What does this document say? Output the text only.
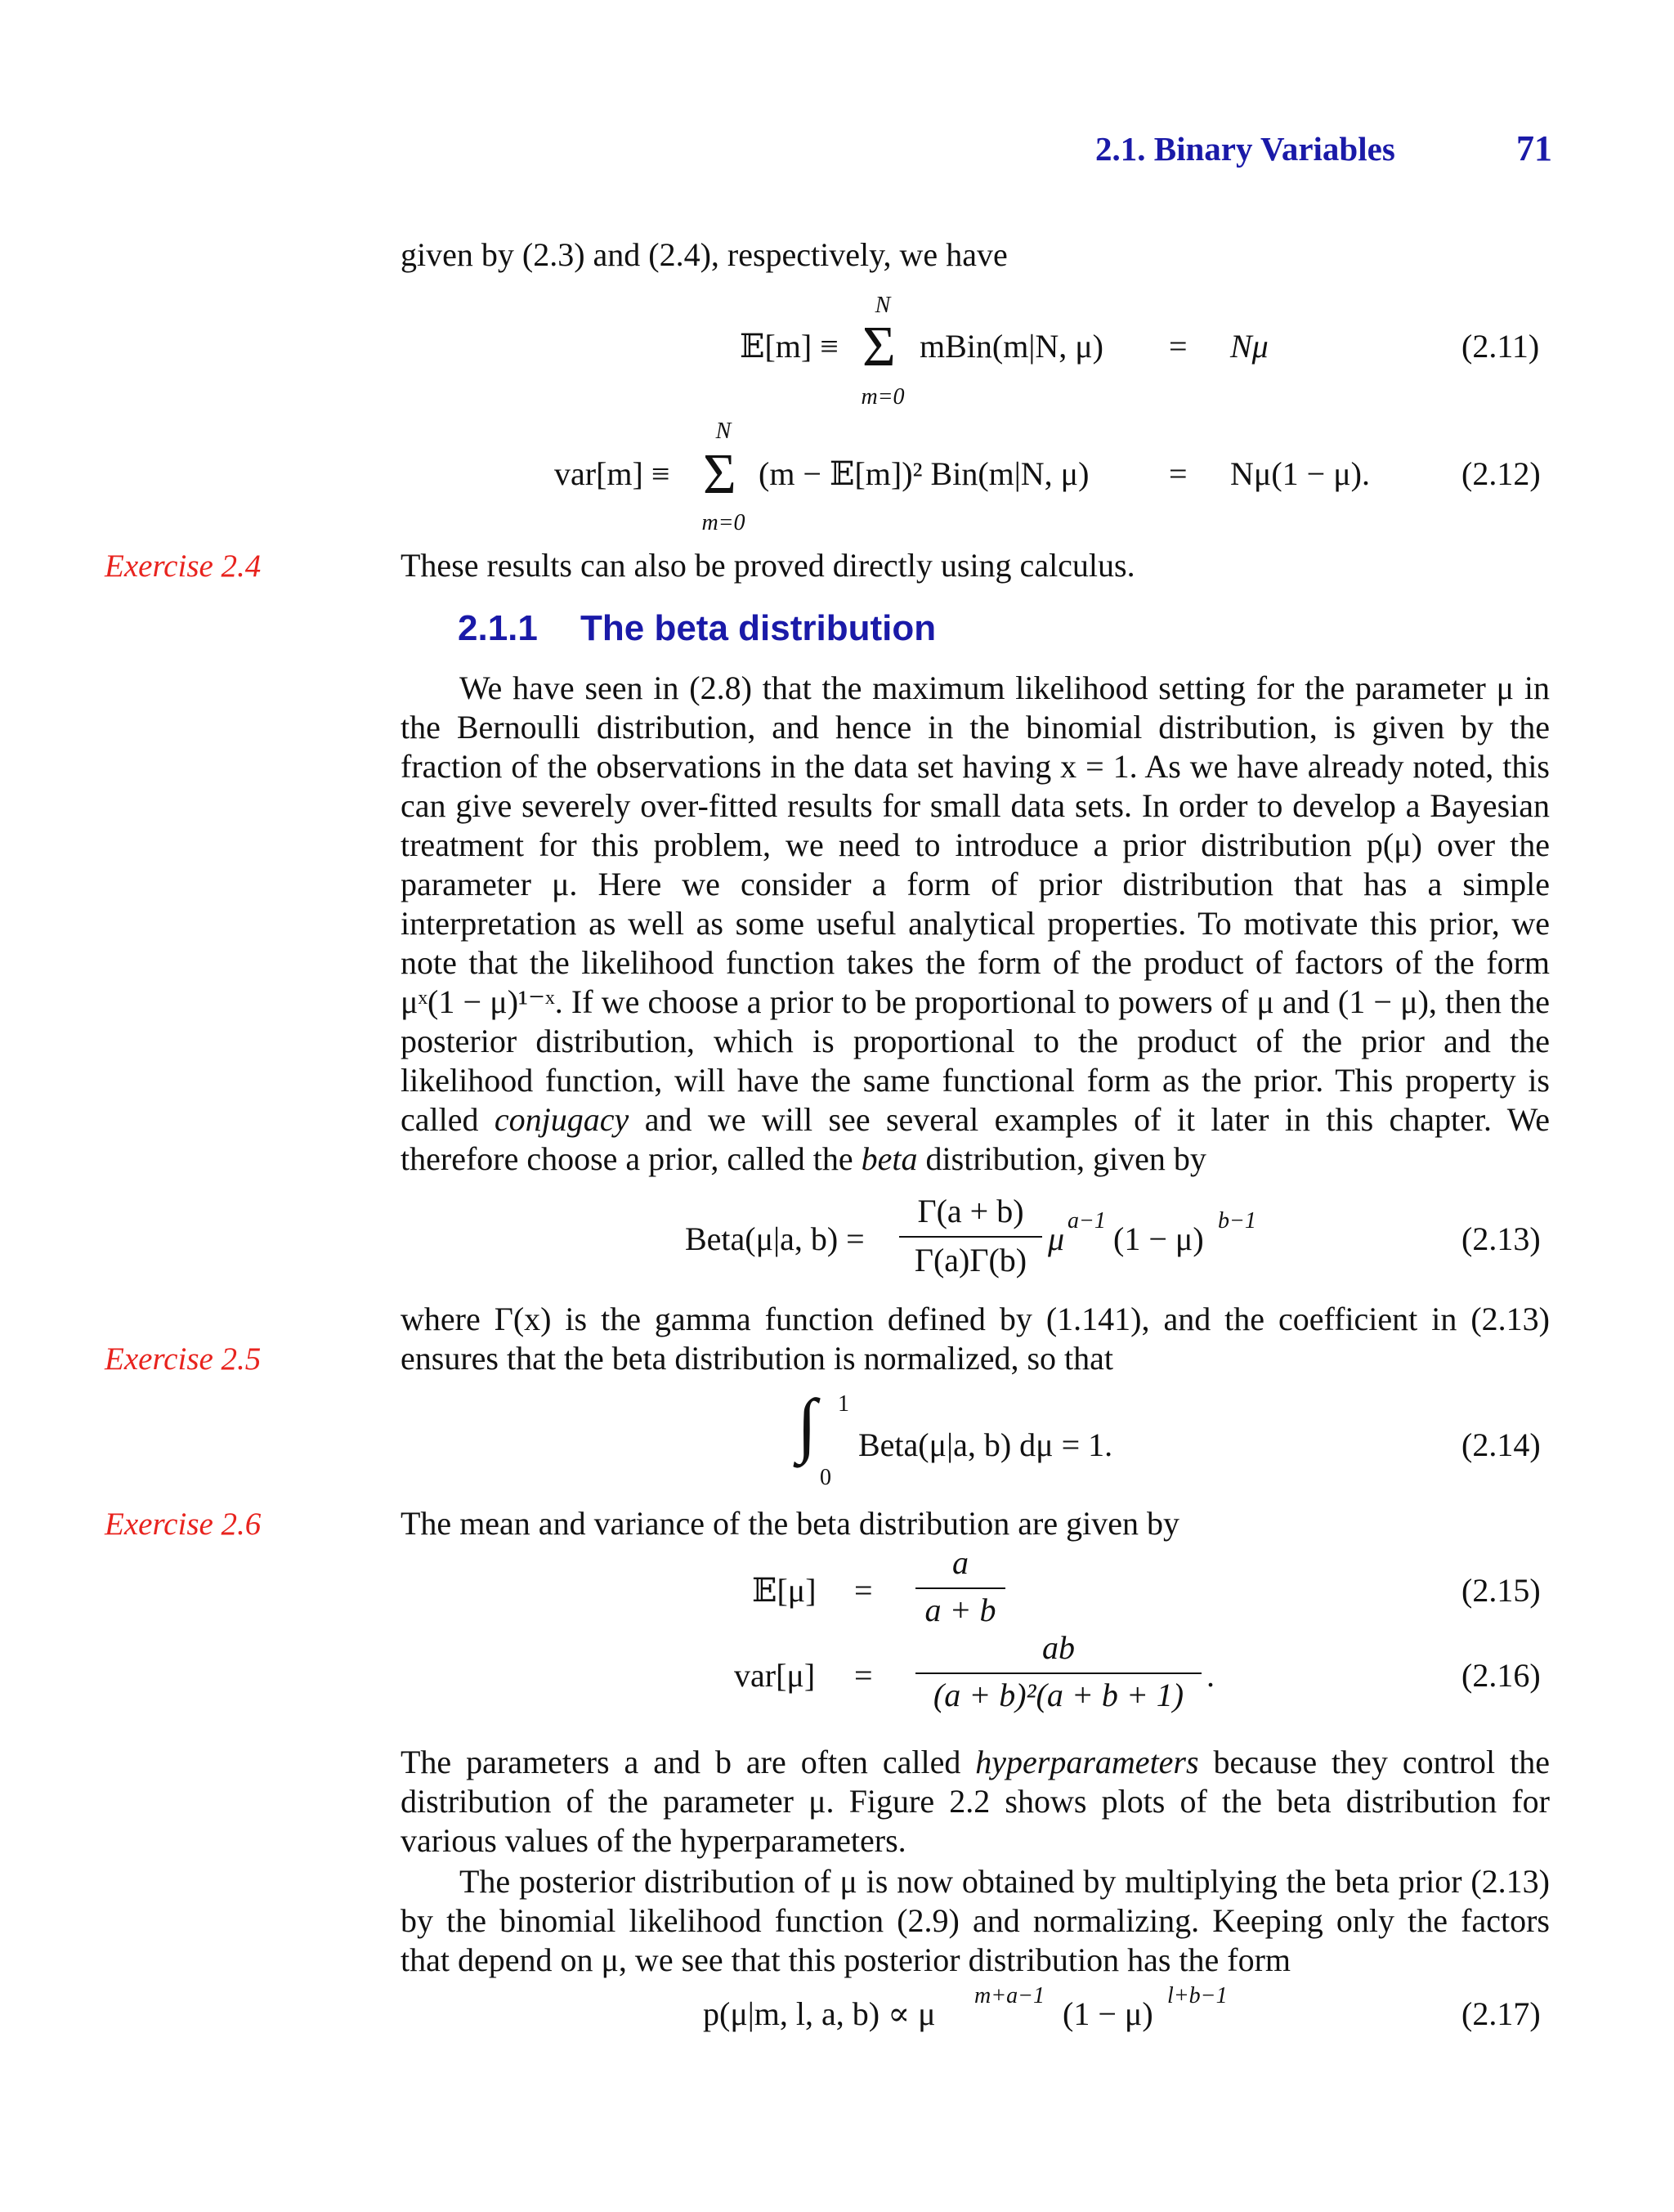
2.1. Binary Variables	71

given by (2.3) and (2.4), respectively, we have

𝔼[m] ≡
N
Σ
m=0
mBin(m|N, μ) = Nμ	(2.11)
var[m] ≡
N
Σ
m=0
(m − 𝔼[m])² Bin(m|N, μ) = Nμ(1 − μ).	(2.12)
Exercise 2.4	These results can also be proved directly using calculus.

2.1.1 The beta distribution

We have seen in (2.8) that the maximum likelihood setting for the parameter μ in the Bernoulli distribution, and hence in the binomial distribution, is given by the fraction of the observations in the data set having x = 1. As we have already noted, this can give severely over-fitted results for small data sets. In order to develop a Bayesian treatment for this problem, we need to introduce a prior distribution p(μ) over the parameter μ. Here we consider a form of prior distribution that has a simple interpretation as well as some useful analytical properties. To motivate this prior, we note that the likelihood function takes the form of the product of factors of the form μˣ(1 − μ)¹⁻ˣ. If we choose a prior to be proportional to powers of μ and (1 − μ), then the posterior distribution, which is proportional to the product of the prior and the likelihood function, will have the same functional form as the prior. This property is called conjugacy and we will see several examples of it later in this chapter. We therefore choose a prior, called the beta distribution, given by

Beta(μ|a, b) =
Γ(a + b)
Γ(a)Γ(b)
μ a−1 (1 − μ) b−1	(2.13)
Exercise 2.5

where Γ(x) is the gamma function defined by (1.141), and the coefficient in (2.13) ensures that the beta distribution is normalized, so that

∫ 1
0
Beta(μ|a, b) dμ = 1.	(2.14)
Exercise 2.6	The mean and variance of the beta distribution are given by

𝔼[μ] =
a
a + b
(2.15)
var[μ] =
ab
(a + b)²(a + b + 1)
.	(2.16)

The parameters a and b are often called hyperparameters because they control the distribution of the parameter μ. Figure 2.2 shows plots of the beta distribution for various values of the hyperparameters.

The posterior distribution of μ is now obtained by multiplying the beta prior (2.13) by the binomial likelihood function (2.9) and normalizing. Keeping only the factors that depend on μ, we see that this posterior distribution has the form

p(μ|m, l, a, b) ∝ μ m+a−1 (1 − μ) l+b−1	(2.17)
